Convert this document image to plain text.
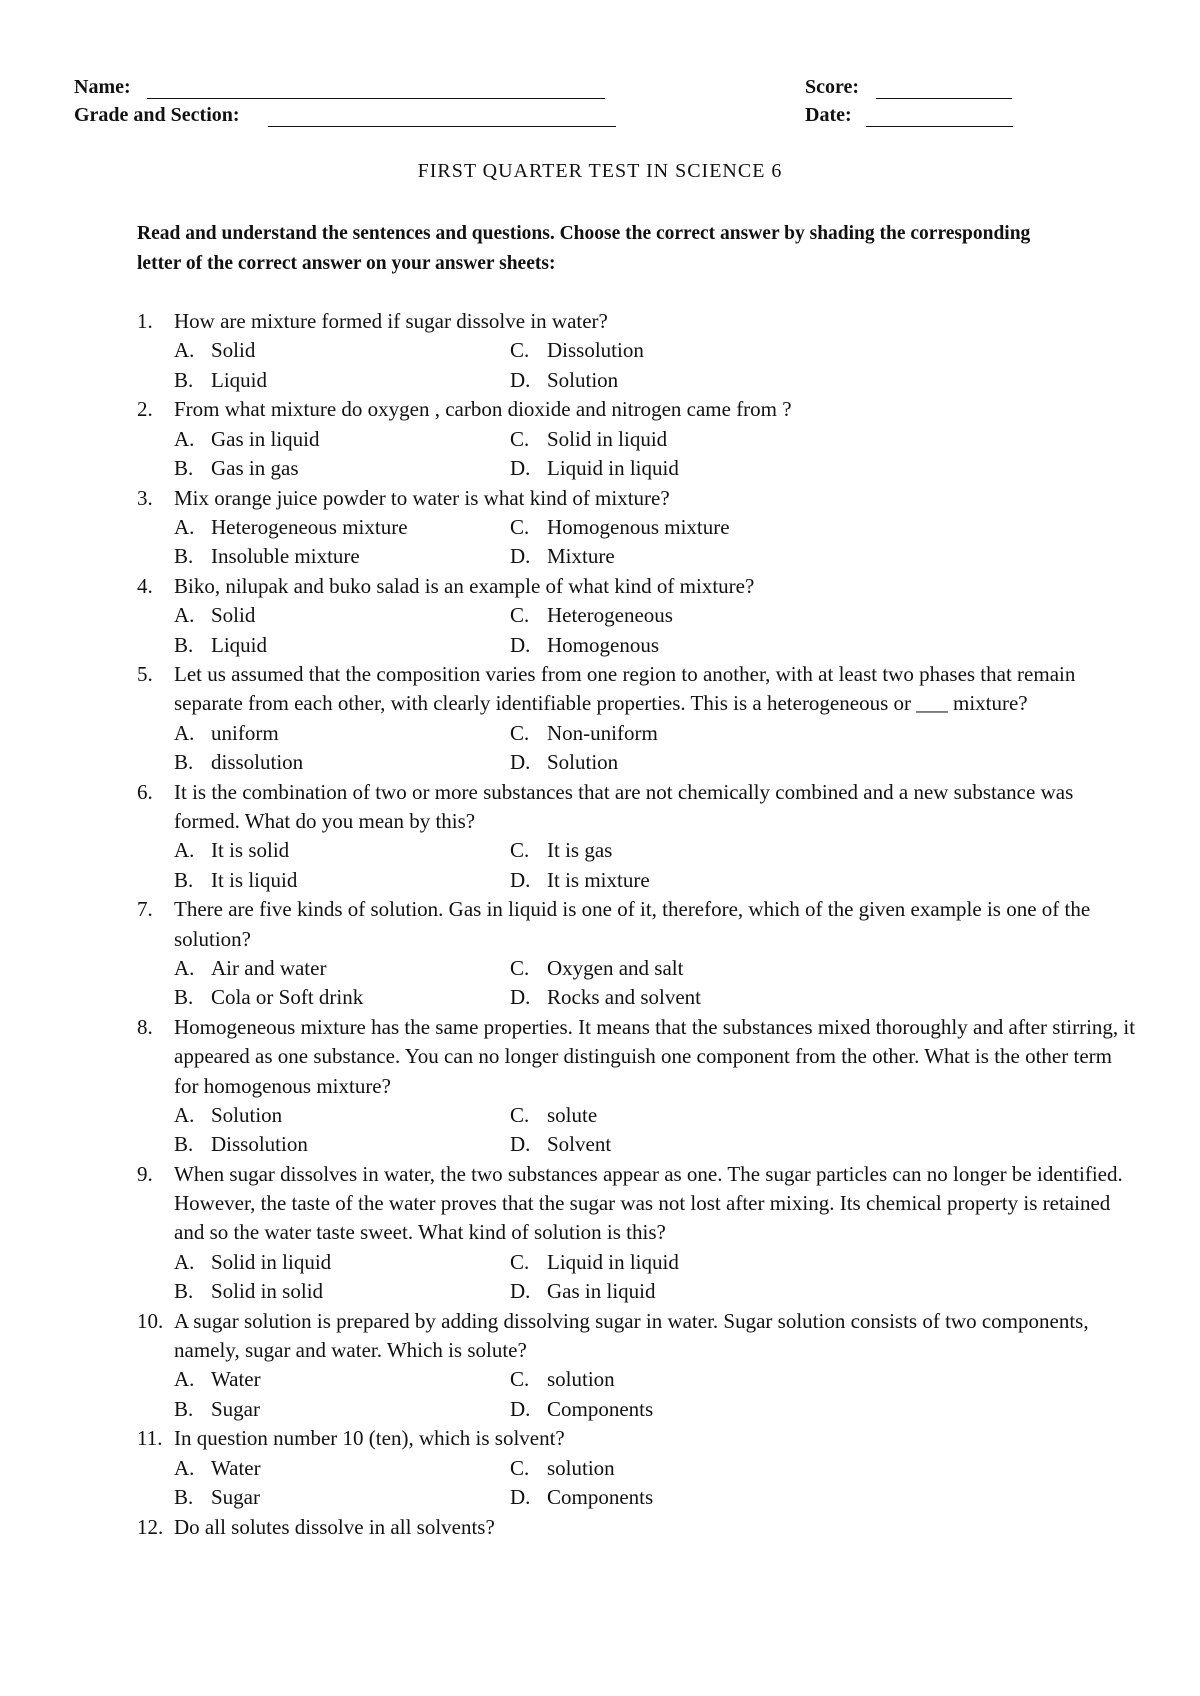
Name:
Grade and Section:
Score:
Date:
FIRST QUARTER TEST IN SCIENCE 6
Read and understand the sentences and questions. Choose the correct answer by shading the corresponding letter of the correct answer on your answer sheets:
1.	How are mixture formed if sugar dissolve in water?
A. Solid	C. Dissolution
B. Liquid	D. Solution
2.	From what mixture do oxygen , carbon dioxide and nitrogen came from ?
A. Gas in liquid	C. Solid in liquid
B. Gas in gas	D. Liquid in liquid
3.	Mix orange juice powder to water is what kind of mixture?
A. Heterogeneous mixture	C. Homogenous mixture
B. Insoluble mixture	D. Mixture
4.	Biko, nilupak and buko salad is an example of what kind of mixture?
A. Solid	C. Heterogeneous
B. Liquid	D. Homogenous
5.	Let us assumed that the composition varies from one region to another, with at least two phases that remain separate from each other, with clearly identifiable properties. This is a heterogeneous or ___ mixture?
A. uniform	C. Non-uniform
B. dissolution	D. Solution
6.	It is the combination of two or more substances that are not chemically combined and a new substance was formed. What do you mean by this?
A. It is solid	C. It is gas
B. It is liquid	D. It is mixture
7.	There are five kinds of solution. Gas in liquid is one of it, therefore, which of the given example is one of the solution?
A. Air and water	C. Oxygen and salt
B. Cola or Soft drink	D. Rocks and solvent
8.	Homogeneous mixture has the same properties. It means that the substances mixed thoroughly and after stirring, it appeared as one substance. You can no longer distinguish one component from the other. What is the other term for homogenous mixture?
A. Solution	C. solute
B. Dissolution	D. Solvent
9.	When sugar dissolves in water, the two substances appear as one. The sugar particles can no longer be identified. However, the taste of the water proves that the sugar was not lost after mixing. Its chemical property is retained and so the water taste sweet. What kind of solution is this?
A. Solid in liquid	C. Liquid in liquid
B. Solid in solid	D. Gas in liquid
10. A sugar solution is prepared by adding dissolving sugar in water. Sugar solution consists of two components, namely, sugar and water. Which is solute?
A. Water	C. solution
B. Sugar	D. Components
11. In question number 10 (ten), which is solvent?
A. Water	C. solution
B. Sugar	D. Components
12. Do all solutes dissolve in all solvents?
